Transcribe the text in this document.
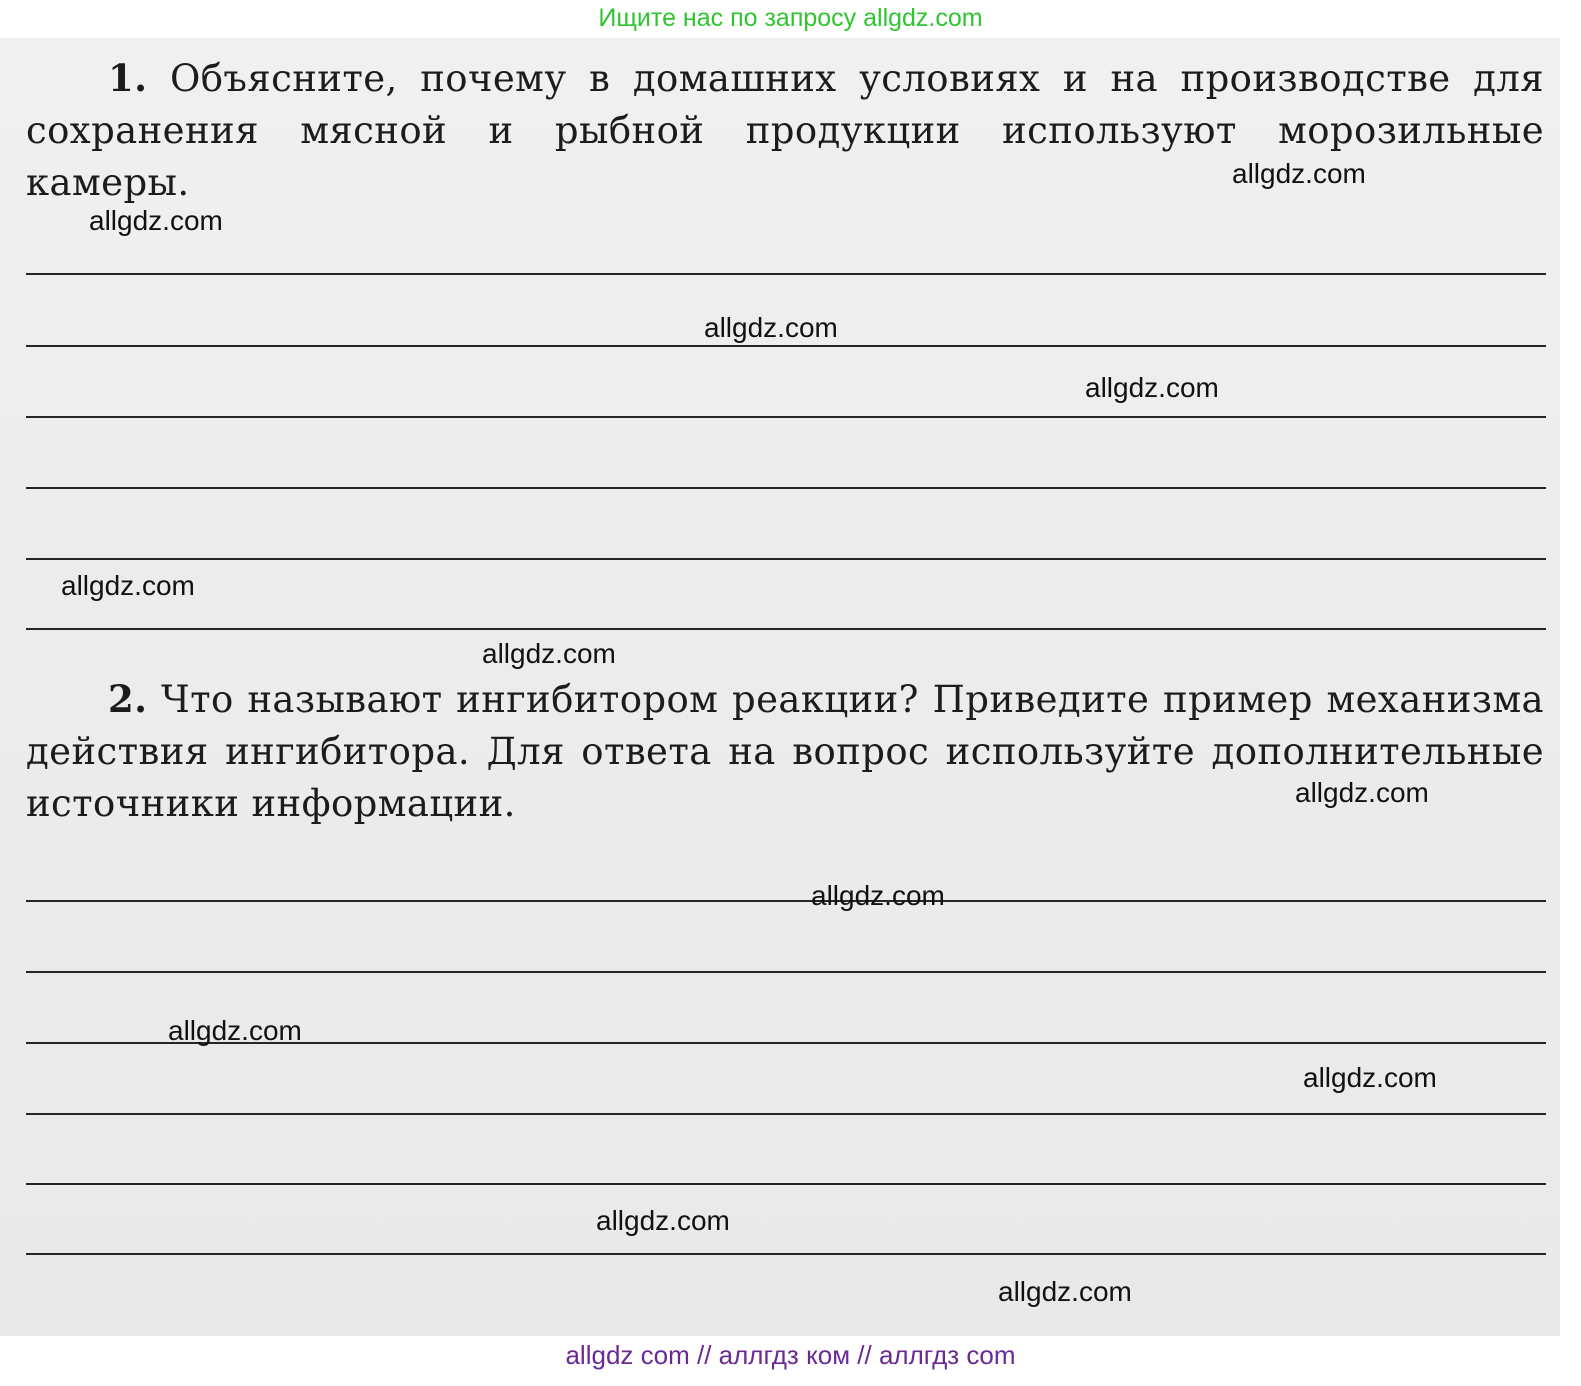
Ищите нас по запросу allgdz.com

1. Объясните, почему в домашних условиях и на производстве для сохранения мясной и рыбной продукции используют морозильные камеры.

2. Что называют ингибитором реакции? Приведите пример механизма действия ингибитора. Для ответа на вопрос используйте дополнительные источники информации.

allgdz.com
allgdz.com
allgdz.com
allgdz.com
allgdz.com
allgdz.com
allgdz.com
allgdz.com
allgdz.com
allgdz.com
allgdz.com
allgdz.com
allgdz com // аллгдз ком // аллгдз com
